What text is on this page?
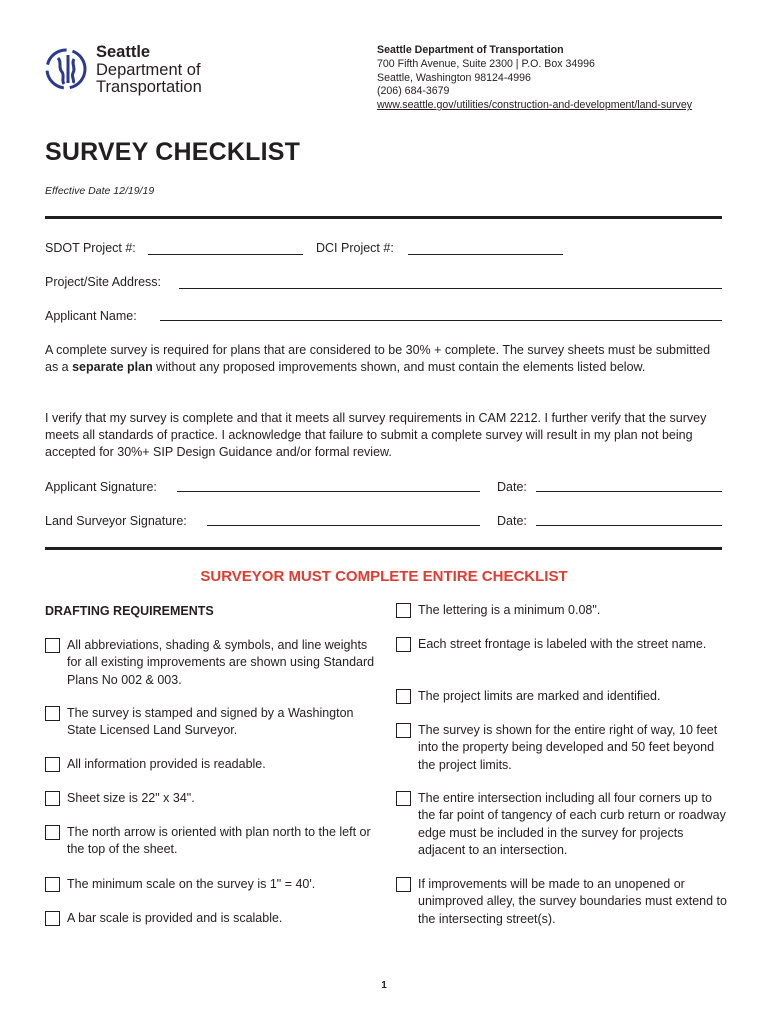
Seattle
Department of
Transportation
Seattle Department of Transportation
700 Fifth Avenue, Suite 2300 | P.O. Box 34996
Seattle, Washington 98124-4996
(206) 684-3679
www.seattle.gov/utilities/construction-and-development/land-survey
SURVEY CHECKLIST
Effective Date 12/19/19
SDOT Project #:	DCI Project #:
Project/Site Address:
Applicant Name:
A complete survey is required for plans that are considered to be 30% + complete. The survey sheets must be submitted as a separate plan without any proposed improvements shown, and must contain the elements listed below.
I verify that my survey is complete and that it meets all survey requirements in CAM 2212. I further verify that the survey meets all standards of practice. I acknowledge that failure to submit a complete survey will result in my plan not being accepted for 30%+ SIP Design Guidance and/or formal review.
Applicant Signature:	Date:
Land Surveyor Signature:	Date:
SURVEYOR MUST COMPLETE ENTIRE CHECKLIST
DRAFTING REQUIREMENTS
All abbreviations, shading & symbols, and line weights for all existing improvements are shown using Standard Plans No 002 & 003.
The survey is stamped and signed by a Washington State Licensed Land Surveyor.
All information provided is readable.
Sheet size is 22" x 34".
The north arrow is oriented with plan north to the left or the top of the sheet.
The minimum scale on the survey is 1" = 40'.
A bar scale is provided and is scalable.
The lettering is a minimum 0.08".
Each street frontage is labeled with the street name.
The project limits are marked and identified.
The survey is shown for the entire right of way, 10 feet into the property being developed and 50 feet beyond the project limits.
The entire intersection including all four corners up to the far point of tangency of each curb return or roadway edge must be included in the survey for projects adjacent to an intersection.
If improvements will be made to an unopened or unimproved alley, the survey boundaries must extend to the intersecting street(s).
1
